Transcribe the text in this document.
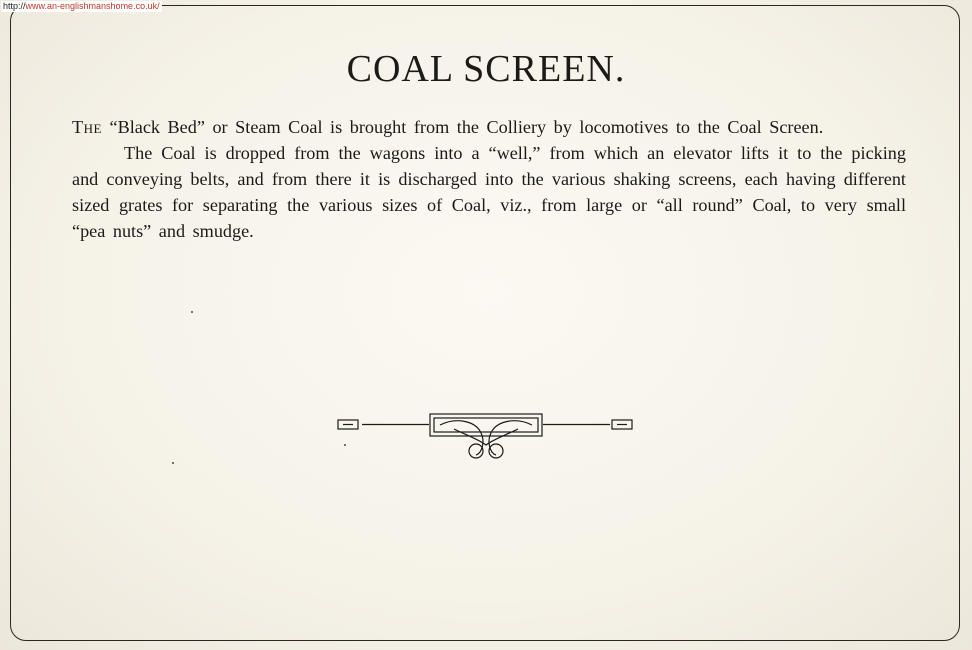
http://www.an-englishmanshome.co.uk/
COAL SCREEN.

The “Black Bed” or Steam Coal is brought from the Colliery by locomotives to the Coal Screen.

The Coal is dropped from the wagons into a “well,” from which an elevator lifts it to the picking and conveying belts, and from there it is discharged into the various shaking screens, each having different sized grates for separating the various sizes of Coal, viz., from large or “all round” Coal, to very small “pea nuts” and smudge.
